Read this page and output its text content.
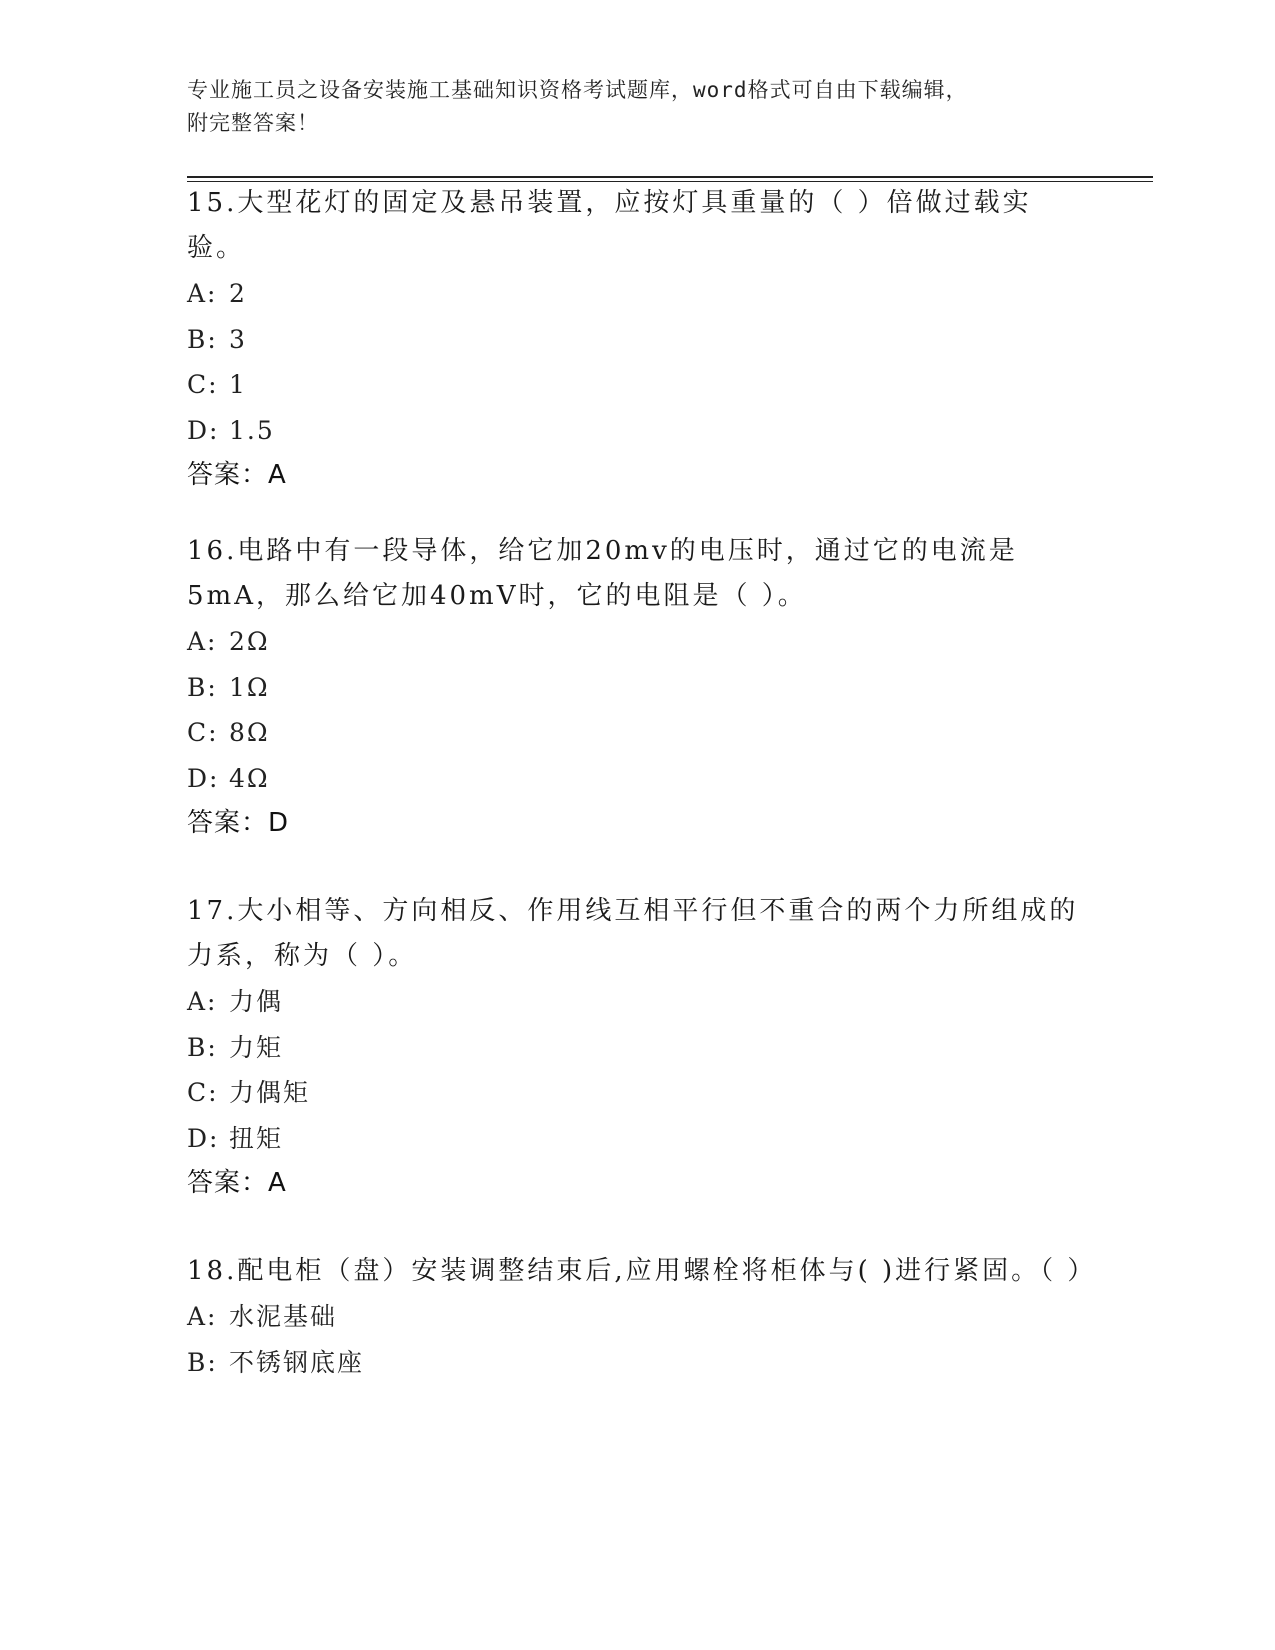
专业施工员之设备安装施工基础知识资格考试题库，word格式可自由下载编辑，
附完整答案！

15.大型花灯的固定及悬吊装置，应按灯具重量的（ ）倍做过载实验。

A: 2
B: 3
C: 1
D: 1.5
答案：A

16.电路中有一段导体，给它加20mv的电压时，通过它的电流是5mA，那么给它加40mV时，它的电阻是（ ）。

A: 2Ω
B: 1Ω
C: 8Ω
D: 4Ω
答案：D

17.大小相等、方向相反、作用线互相平行但不重合的两个力所组成的力系，称为（ ）。

A: 力偶
B: 力矩
C: 力偶矩
D: 扭矩
答案：A

18.配电柜（盘）安装调整结束后,应用螺栓将柜体与( )进行紧固。（ ）

A: 水泥基础
B: 不锈钢底座
